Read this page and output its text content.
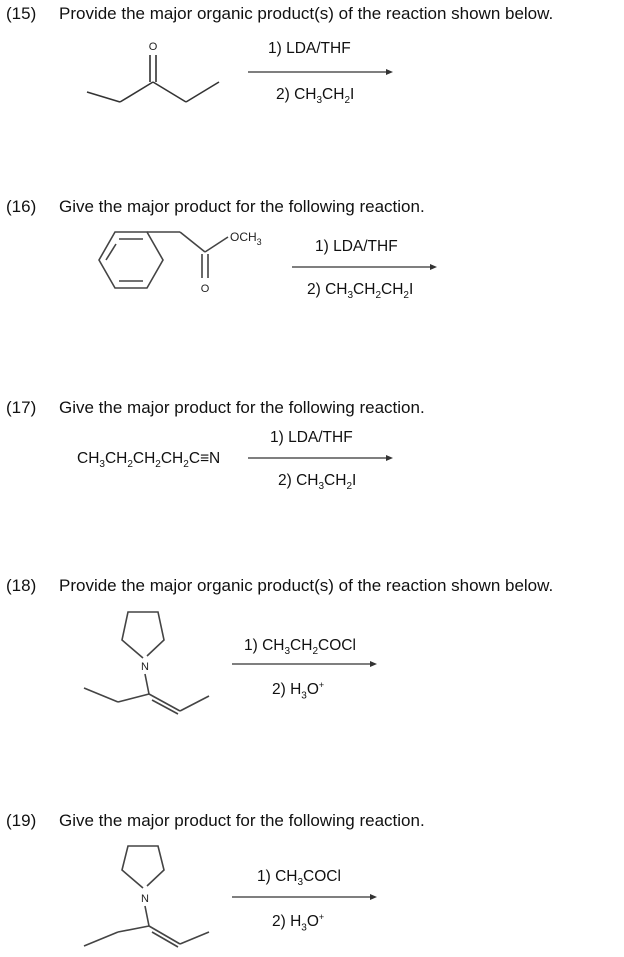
(15) Provide the major organic product(s) of the reaction shown below.
O	1) LDA/THF
2) $CH_3CH_2I$
(16) Give the major product for the following reaction.
$OCH_3$
O
1) LDA/THF
2) $CH_3CH_2CH_2I$
(17) Give the major product for the following reaction.
$CH_3CH_2CH_2CH_2C\equiv N$
1) LDA/THF
2) $CH_3CH_2I$
(18) Provide the major organic product(s) of the reaction shown below.
N
1) $CH_3CH_2COCl$
2) $H_3O^+$
(19) Give the major product for the following reaction.
N
1) $CH_3COCl$
2) $H_3O^+$
